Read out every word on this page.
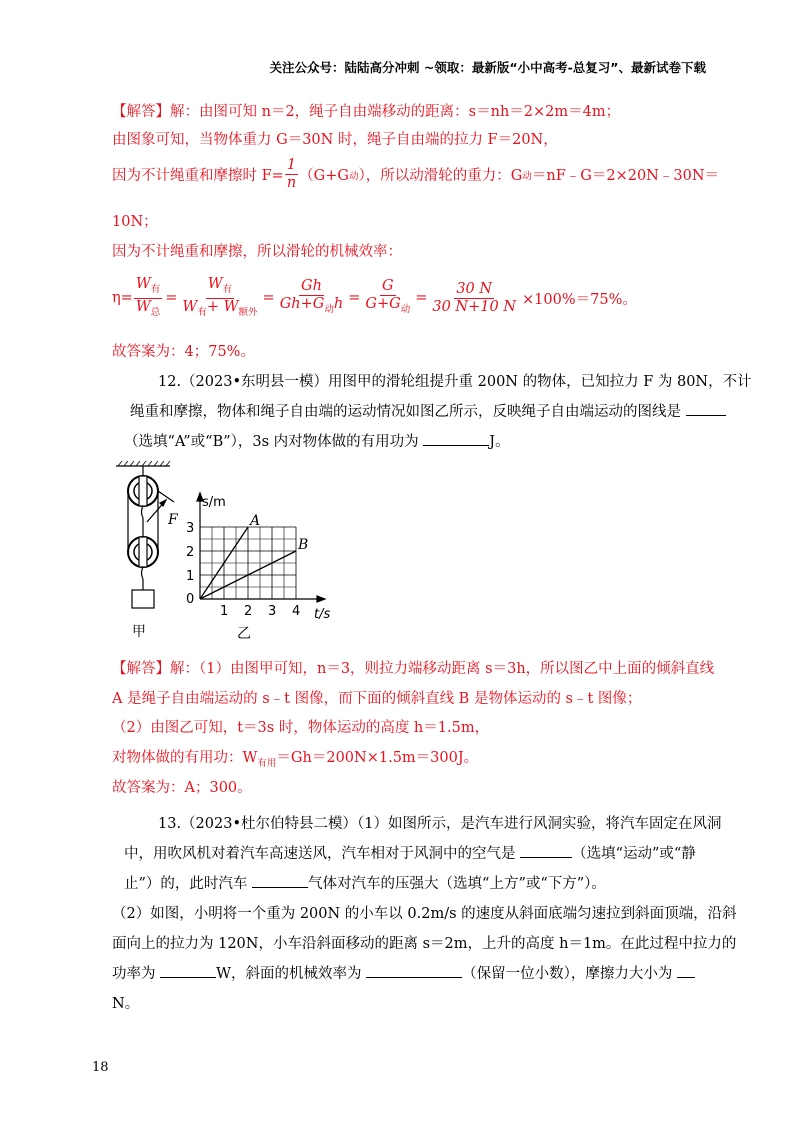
关注公众号：陆陆高分冲刺 ~领取：最新版“小中高考-总复习”、最新试卷下载
【解答】解：由图可知 n＝2，绳子自由端移动的距离：s＝nh＝2×2m＝4m；
由图象可知，当物体重力 G＝30N 时，绳子自由端的拉力 F＝20N，
因为不计绳重和摩擦时 $F= \frac{1}{n} (G+G$ 动 ），所以动滑轮的重力：G 动 ＝nF﹣G＝2×20N﹣30N＝
10N；
因为不计绳重和摩擦，所以滑轮的机械效率：
$\eta= \frac{W_有}{W_总} = \frac{W_有}{W_有+ W_{额外}} = \frac{Gh}{Gh+G_动h} = \frac{G}{G+G_动} = \frac{30 N}{30 N+10 N} \times 100\%=75\%$。
故答案为：4；75%。
12.（2023•东明县一模）用图甲的滑轮组提升重 200N 的物体，已知拉力 F 为 80N，不计
绳重和摩擦，物体和绳子自由端的运动情况如图乙所示，反映绳子自由端运动的图线是
（选填“A”或“B”），3s 内对物体做的有用功为	J。
F
甲
0
1 2 3 4
1
2
3	A
B
s/m
t/s
乙
【解答】解：（1）由图甲可知，n＝3，则拉力端移动距离 s＝3h，所以图乙中上面的倾斜直线
A 是绳子自由端运动的 s﹣t 图像，而下面的倾斜直线 B 是物体运动的 s﹣t 图像；
（2）由图乙可知，t＝3s 时，物体运动的高度 h＝1.5m，
对物体做的有用功：$W_{有用}=Gh=200N\times 1.5m=300J$。
故答案为：A；300。
13.（2023•杜尔伯特县二模）（1）如图所示，是汽车进行风洞实验，将汽车固定在风洞
中，用吹风机对着汽车高速送风，汽车相对于风洞中的空气是	（选填“运动”或“静
止”）的，此时汽车	气体对汽车的压强大（选填“上方”或“下方”）。
（2）如图，小明将一个重为 200N 的小车以 0.2m/s 的速度从斜面底端匀速拉到斜面顶端，沿斜
面向上的拉力为 120N，小车沿斜面移动的距离 s＝2m，上升的高度 h＝1m。在此过程中拉力的
功率为	W，斜面的机械效率为	（保留一位小数），摩擦力大小为
N。
18
